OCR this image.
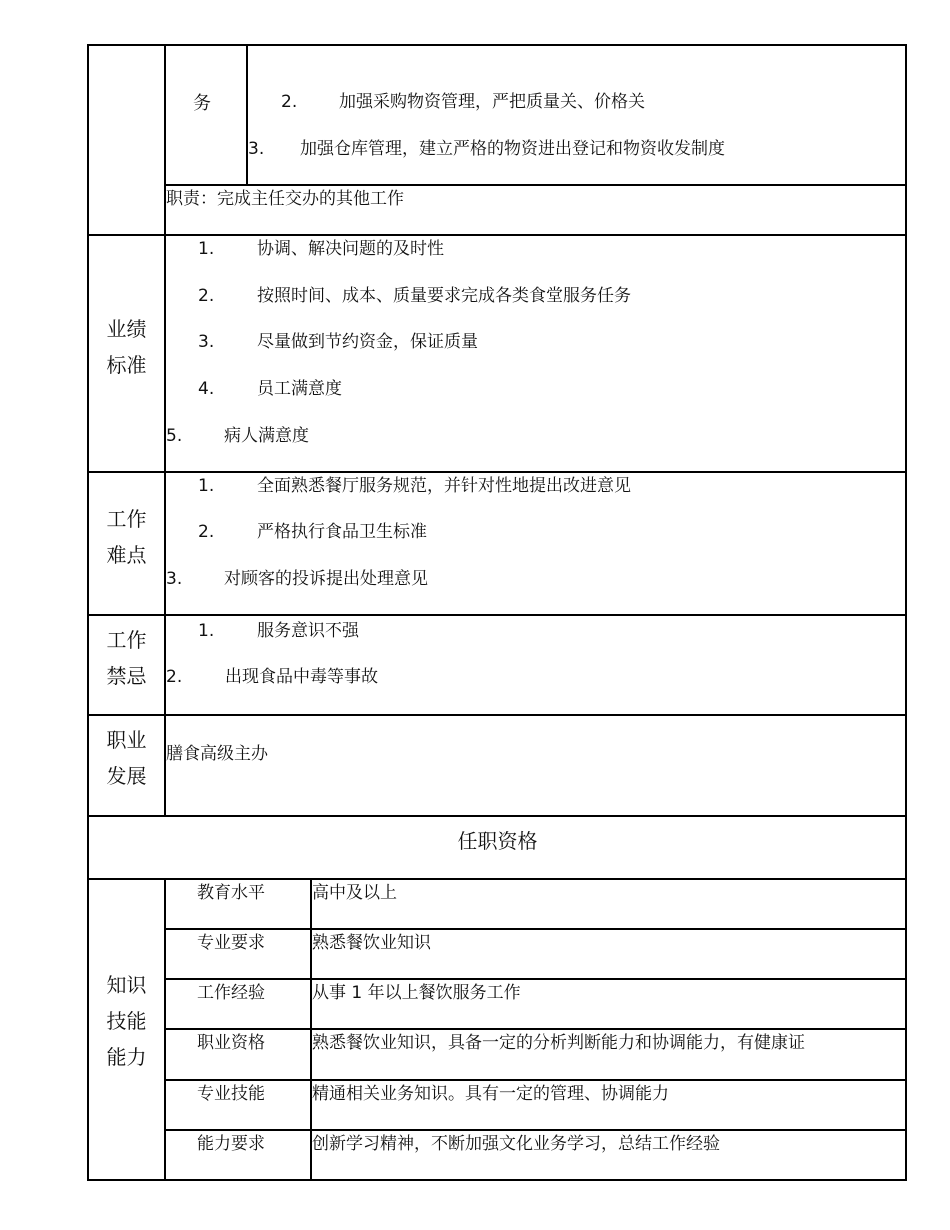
务	2. 加强采购物资管理，严把质量关、价格关
3. 加强仓库管理，建立严格的物资进出登记和物资收发制度
职责：完成主任交办的其他工作
业绩
标准
1.	协调、解决问题的及时性
2.	按照时间、成本、质量要求完成各类食堂服务任务
3.	尽量做到节约资金，保证质量
4.	员工满意度
5. 病人满意度
工作
难点
1.	全面熟悉餐厅服务规范，并针对性地提出改进意见
2.	严格执行食品卫生标准
3. 对顾客的投诉提出处理意见
工作
禁忌
1.	服务意识不强
2.	出现食品中毒等事故
职业
发展
膳食高级主办
任职资格
知识
技能
能力
教育水平	高中及以上
专业要求	熟悉餐饮业知识
工作经验	从事 1 年以上餐饮服务工作
职业资格	熟悉餐饮业知识，具备一定的分析判断能力和协调能力，有健康证
专业技能	精通相关业务知识。具有一定的管理、协调能力
能力要求	创新学习精神，不断加强文化业务学习，总结工作经验
